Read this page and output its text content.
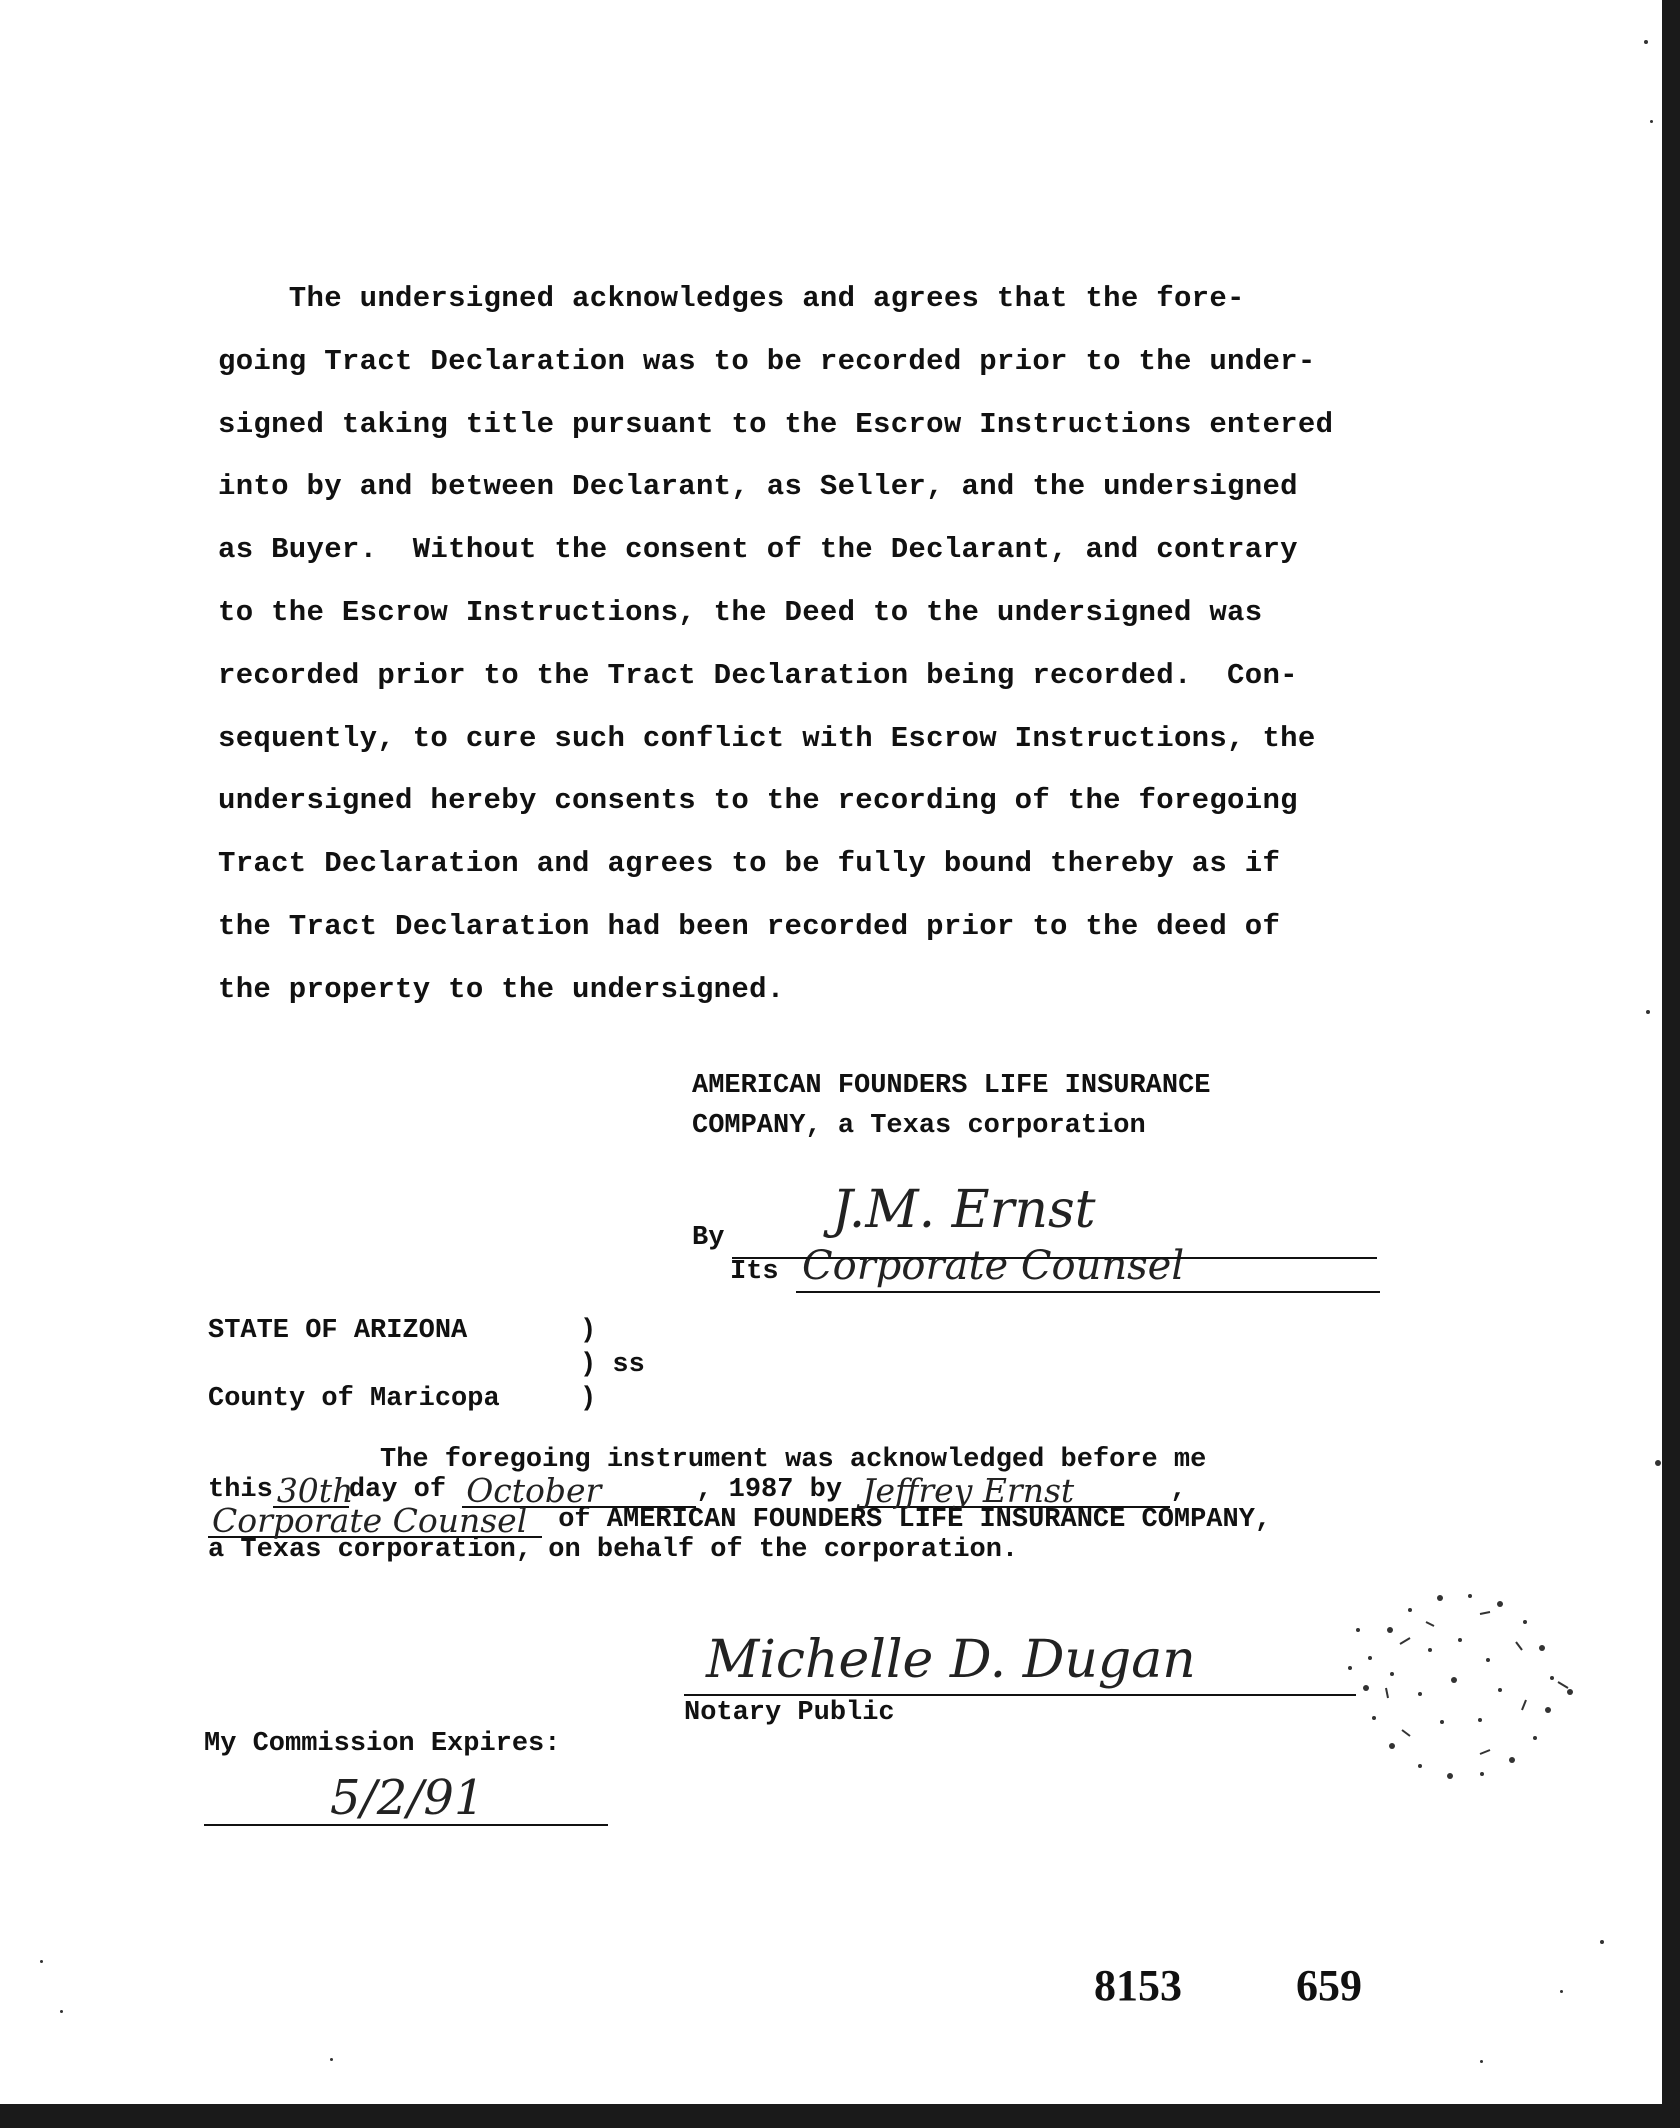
The undersigned acknowledges and agrees that the fore-
going Tract Declaration was to be recorded prior to the under-
signed taking title pursuant to the Escrow Instructions entered
into by and between Declarant, as Seller, and the undersigned
as Buyer.  Without the consent of the Declarant, and contrary
to the Escrow Instructions, the Deed to the undersigned was
recorded prior to the Tract Declaration being recorded.  Con-
sequently, to cure such conflict with Escrow Instructions, the
undersigned hereby consents to the recording of the foregoing
Tract Declaration and agrees to be fully bound thereby as if
the Tract Declaration had been recorded prior to the deed of
the property to the undersigned.
AMERICAN FOUNDERS LIFE INSURANCE
COMPANY, a Texas corporation
J.M. Ernst
Corporate Counsel
By
Its
STATE OF ARIZONA	)
) ss
County of Maricopa	)
The foregoing instrument was acknowledged before me
this 30th
day of October	, 1987 by Jeffrey Ernst	,
Corporate Counsel of AMERICAN FOUNDERS LIFE INSURANCE COMPANY,
a Texas corporation, on behalf of the corporation.
Michelle D. Dugan
Notary Public
My Commission Expires:
5/2/91
8153	659
